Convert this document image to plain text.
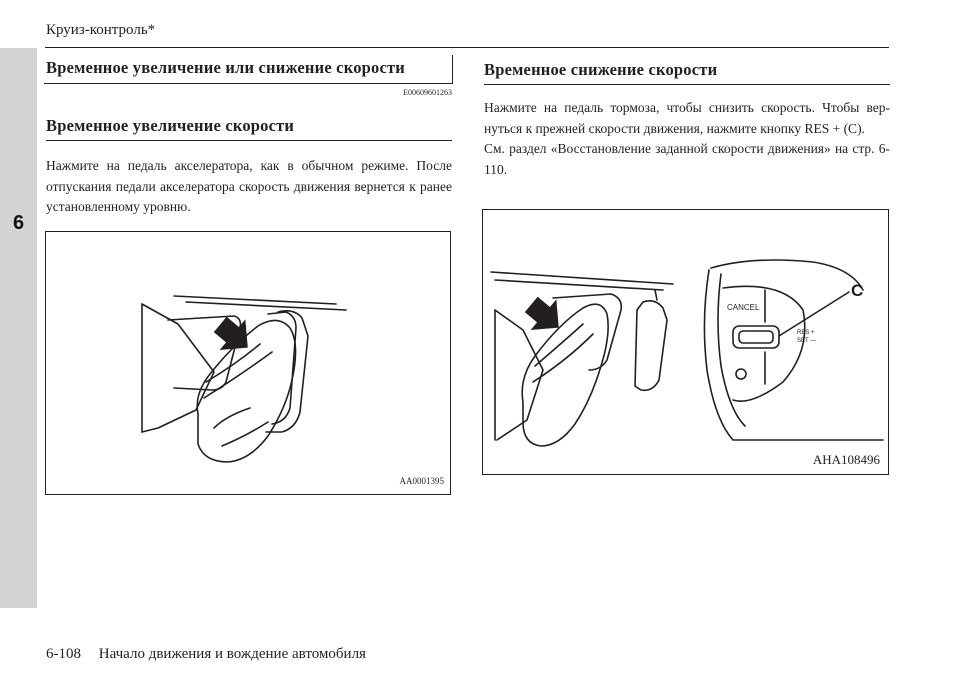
6
Круиз-контроль*
Временное увеличение или снижение скорости
E00609601263
Временное увеличение скорости

Нажмите на педаль акселератора, как в обычном режиме. После отпускания педали акселератора скорость движения вернется к ранее установленному уровню.

AA0001395
Временное снижение скорости

Нажмите на педаль тормоза, чтобы снизить скорость. Чтобы вер-нуться к прежней скорости движения, нажмите кнопку RES + (C).
См. раздел «Восстановление заданной скорости движения» на стр. 6-110.

CANCEL
RES +
SET —
C
AHA108496
6-108 Начало движения и вождение автомобиля
